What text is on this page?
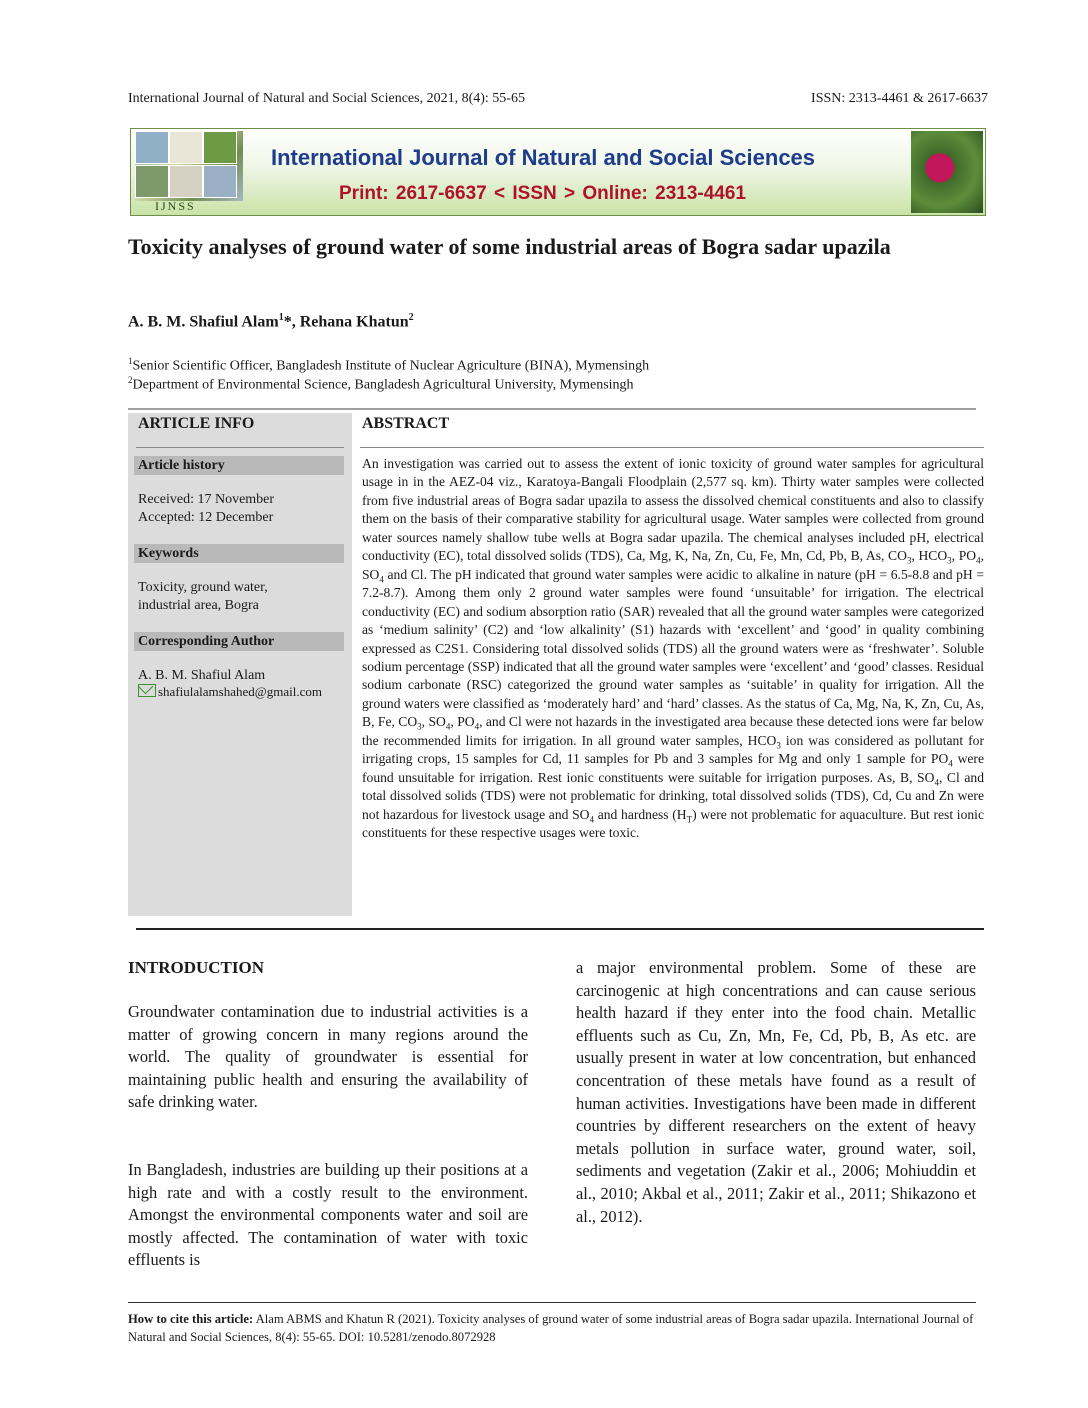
International Journal of Natural and Social Sciences, 2021, 8(4): 55-65	ISSN: 2313-4461 & 2617-6637
IJNSS
International Journal of Natural and Social Sciences
Print: 2617-6637 < ISSN > Online: 2313-4461
Toxicity analyses of ground water of some industrial areas of Bogra sadar upazila
A. B. M. Shafiul Alam$^1$*, Rehana Khatun$^2$
$^1$Senior Scientific Officer, Bangladesh Institute of Nuclear Agriculture (BINA), Mymensingh
$^2$Department of Environmental Science, Bangladesh Agricultural University, Mymensingh
ARTICLE INFO
Article history
Received: 17 November
Accepted: 12 December
Keywords
Toxicity, ground water,
industrial area, Bogra
Corresponding Author
A. B. M. Shafiul Alam
shafiulalamshahed@gmail.com
ABSTRACT
An investigation was carried out to assess the extent of ionic toxicity of ground water samples for agricultural usage in in the AEZ-04 viz., Karatoya-Bangali Floodplain (2,577 sq. km). Thirty water samples were collected from five industrial areas of Bogra sadar upazila to assess the dissolved chemical constituents and also to classify them on the basis of their comparative stability for agricultural usage. Water samples were collected from ground water sources namely shallow tube wells at Bogra sadar upazila. The chemical analyses included pH, electrical conductivity (EC), total dissolved solids (TDS), Ca, Mg, K, Na, Zn, Cu, Fe, Mn, Cd, Pb, B, As, $CO_3$, $HCO_3$, $PO_4$, $SO_4$ and Cl. The pH indicated that ground water samples were acidic to alkaline in nature (pH = 6.5-8.8 and pH = 7.2-8.7). Among them only 2 ground water samples were found ‘unsuitable’ for irrigation. The electrical conductivity (EC) and sodium absorption ratio (SAR) revealed that all the ground water samples were categorized as ‘medium salinity’ (C2) and ‘low alkalinity’ (S1) hazards with ‘excellent’ and ‘good’ in quality combining expressed as C2S1. Considering total dissolved solids (TDS) all the ground waters were as ‘freshwater’. Soluble sodium percentage (SSP) indicated that all the ground water samples were ‘excellent’ and ‘good’ classes. Residual sodium carbonate (RSC) categorized the ground water samples as ‘suitable’ in quality for irrigation. All the ground waters were classified as ‘moderately hard’ and ‘hard’ classes. As the status of Ca, Mg, Na, K, Zn, Cu, As, B, Fe, $CO_3$, $SO_4$, $PO_4$, and Cl were not hazards in the investigated area because these detected ions were far below the recommended limits for irrigation. In all ground water samples, $HCO_3$ ion was considered as pollutant for irrigating crops, 15 samples for Cd, 11 samples for Pb and 3 samples for Mg and only 1 sample for $PO_4$ were found unsuitable for irrigation. Rest ionic constituents were suitable for irrigation purposes. As, B, $SO_4$, Cl and total dissolved solids (TDS) were not problematic for drinking, total dissolved solids (TDS), Cd, Cu and Zn were not hazardous for livestock usage and $SO_4$ and hardness $(H_T)$ were not problematic for aquaculture. But rest ionic constituents for these respective usages were toxic.
INTRODUCTION
Groundwater contamination due to industrial activities is a matter of growing concern in many regions around the world. The quality of groundwater is essential for maintaining public health and ensuring the availability of safe drinking water.
In Bangladesh, industries are building up their positions at a high rate and with a costly result to the environment. Amongst the environmental components water and soil are mostly affected. The contamination of water with toxic effluents is
a major environmental problem. Some of these are carcinogenic at high concentrations and can cause serious health hazard if they enter into the food chain. Metallic effluents such as Cu, Zn, Mn, Fe, Cd, Pb, B, As etc. are usually present in water at low concentration, but enhanced concentration of these metals have found as a result of human activities. Investigations have been made in different countries by different researchers on the extent of heavy metals pollution in surface water, ground water, soil, sediments and vegetation (Zakir et al., 2006; Mohiuddin et al., 2010; Akbal et al., 2011; Zakir et al., 2011; Shikazono et al., 2012).
How to cite this article: Alam ABMS and Khatun R (2021). Toxicity analyses of ground water of some industrial areas of Bogra sadar upazila. International Journal of Natural and Social Sciences, 8(4): 55-65. DOI: 10.5281/zenodo.8072928
